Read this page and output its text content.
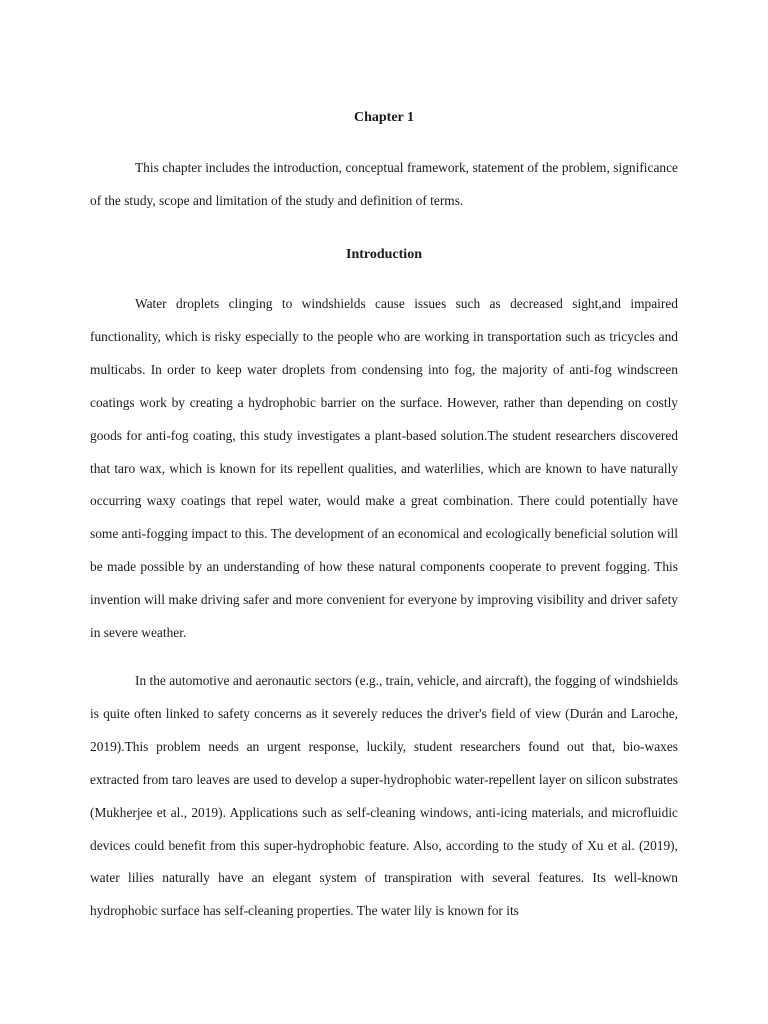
Chapter 1

This chapter includes the introduction, conceptual framework, statement of the problem, significance of the study, scope and limitation of the study and definition of terms.

Introduction

Water droplets clinging to windshields cause issues such as decreased sight,and impaired functionality, which is risky especially to the people who are working in transportation such as tricycles and multicabs. In order to keep water droplets from condensing into fog, the majority of anti-fog windscreen coatings work by creating a hydrophobic barrier on the surface. However, rather than depending on costly goods for anti-fog coating, this study investigates a plant-based solution.The student researchers discovered that taro wax, which is known for its repellent qualities, and waterlilies, which are known to have naturally occurring waxy coatings that repel water, would make a great combination. There could potentially have some anti-fogging impact to this. The development of an economical and ecologically beneficial solution will be made possible by an understanding of how these natural components cooperate to prevent fogging. This invention will make driving safer and more convenient for everyone by improving visibility and driver safety in severe weather.

In the automotive and aeronautic sectors (e.g., train, vehicle, and aircraft), the fogging of windshields is quite often linked to safety concerns as it severely reduces the driver's field of view (Durán and Laroche, 2019).This problem needs an urgent response, luckily, student researchers found out that, bio-waxes extracted from taro leaves are used to develop a super-hydrophobic water-repellent layer on silicon substrates (Mukherjee et al., 2019). Applications such as self-cleaning windows, anti-icing materials, and microfluidic devices could benefit from this super-hydrophobic feature. Also, according to the study of Xu et al. (2019), water lilies naturally have an elegant system of transpiration with several features. Its well-known hydrophobic surface has self-cleaning properties. The water lily is known for its
